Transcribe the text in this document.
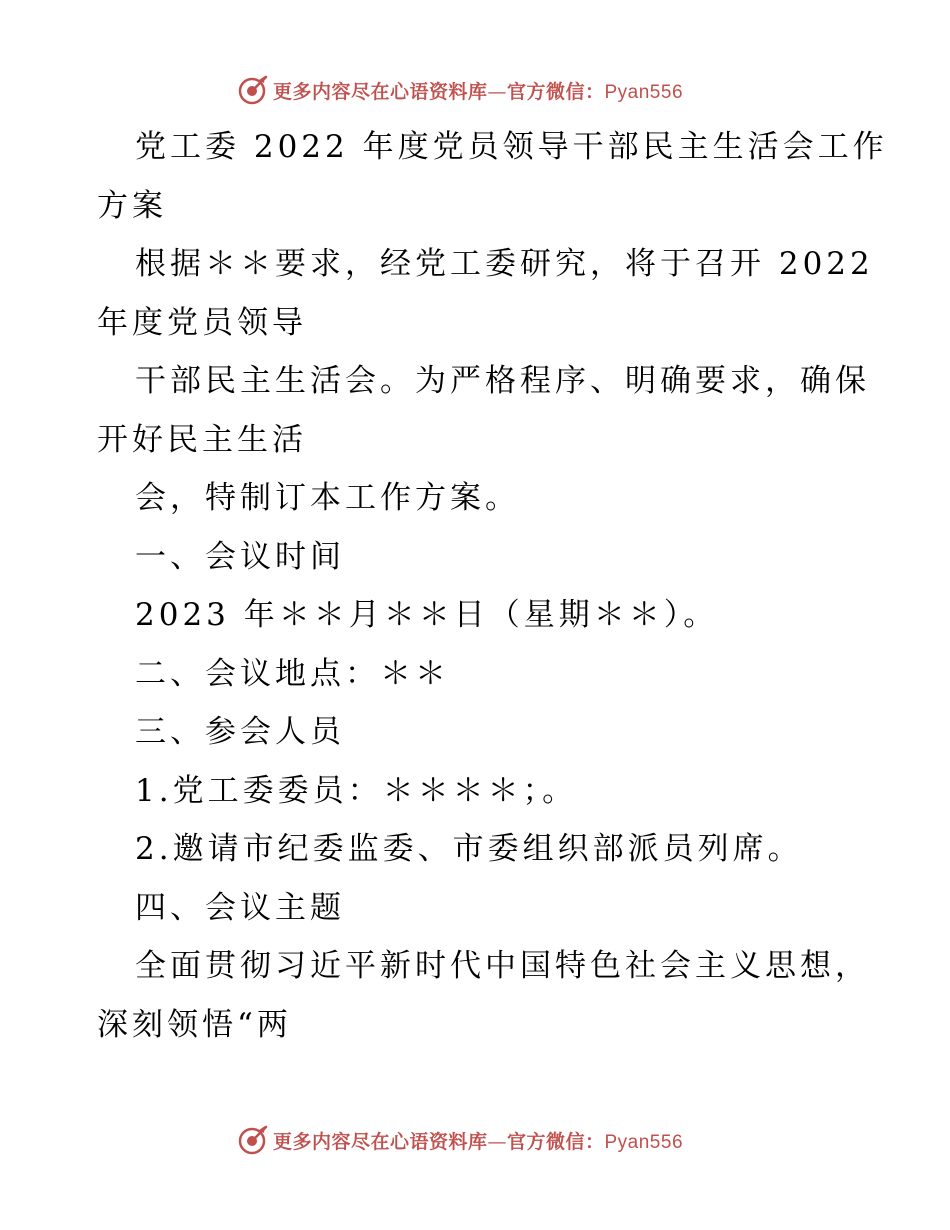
更多内容尽在心语资料库—官方微信：Pyan556
党工委 2022 年度党员领导干部民主生活会工作
方案
根据＊＊要求，经党工委研究，将于召开 2022
年度党员领导
干部民主生活会。为严格程序、明确要求，确保
开好民主生活
会，特制订本工作方案。
一、会议时间
2023 年＊＊月＊＊日（星期＊＊）。
二、会议地点：＊＊
三、参会人员
1.党工委委员：＊＊＊＊；。
2.邀请市纪委监委、市委组织部派员列席。
四、会议主题
全面贯彻习近平新时代中国特色社会主义思想，
深刻领悟“两
更多内容尽在心语资料库—官方微信：Pyan556
